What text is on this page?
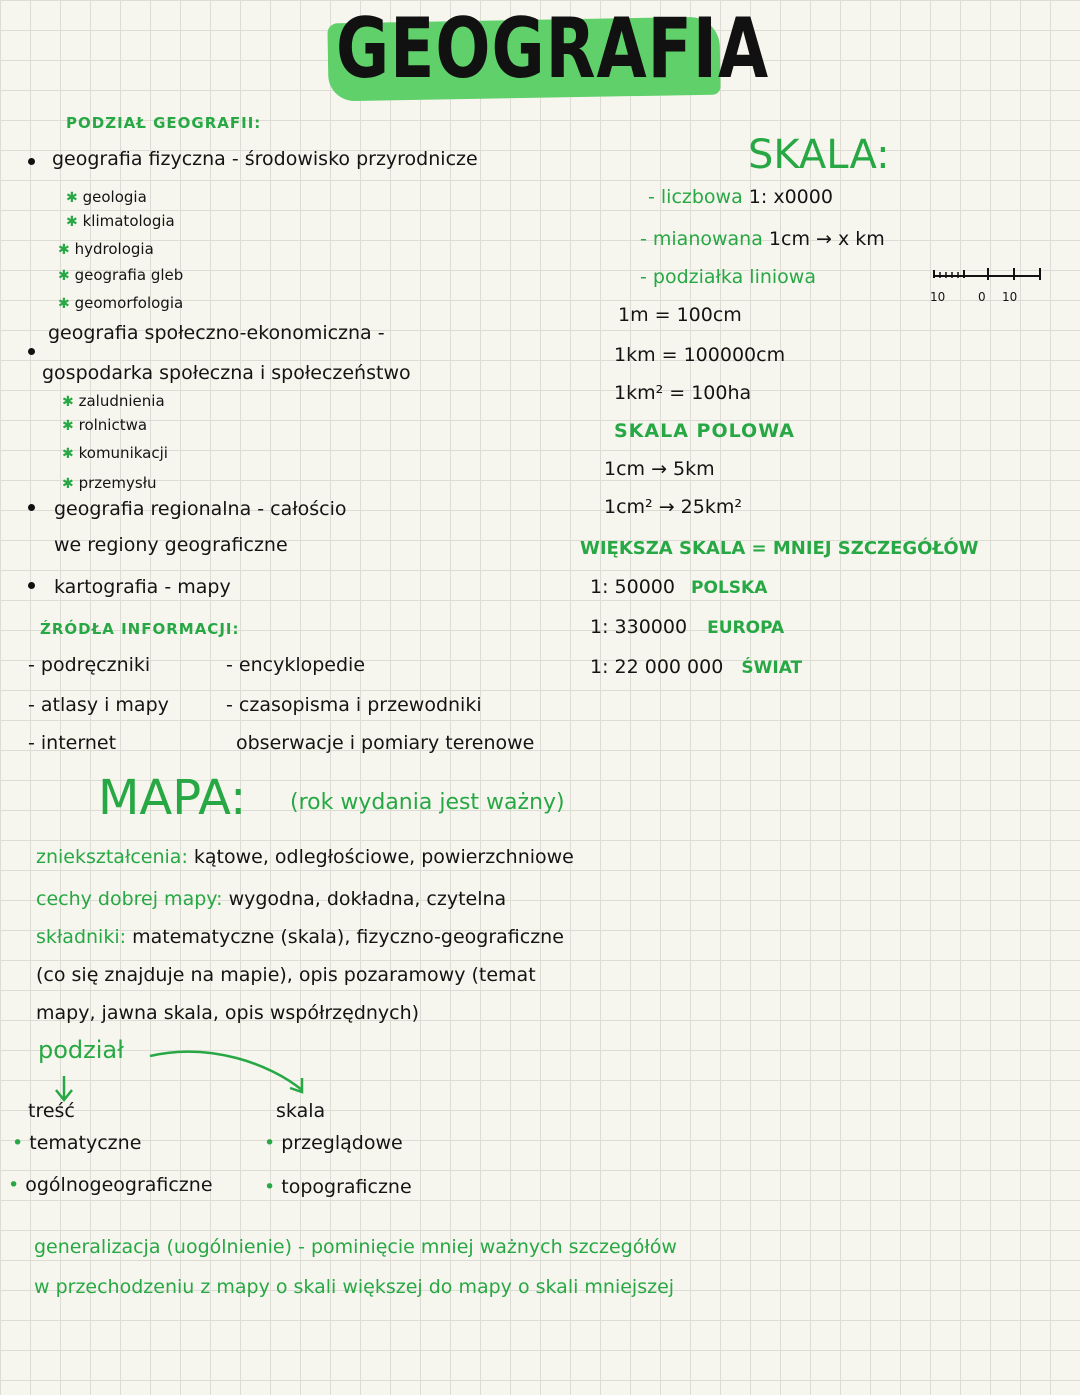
GEOGRAFIA
PODZIAŁ GEOGRAFII:
geografia fizyczna - środowisko przyrodnicze
✱ geologia
✱ klimatologia
✱ hydrologia
✱ geografia gleb
✱ geomorfologia
geografia społeczno-ekonomiczna -
gospodarka społeczna i społeczeństwo
✱ zaludnienia
✱ rolnictwa
✱ komunikacji
✱ przemysłu
geografia regionalna - całościo
we regiony geograficzne
kartografia - mapy
ŹRÓDŁA INFORMACJI:
- podręczniki
- atlasy i mapy
- internet
- encyklopedie
- czasopisma i przewodniki
obserwacje i pomiary terenowe
SKALA:
- liczbowa 1: x0000
- mianowana 1cm → x km
- podziałka liniowa
10	0 10
1m = 100cm
1km = 100000cm
1km² = 100ha
SKALA POLOWA
1cm → 5km
1cm² → 25km²
WIĘKSZA SKALA = MNIEJ SZCZEGÓŁÓW
1: 50000 POLSKA
1: 330000 EUROPA
1: 22 000 000 ŚWIAT
MAPA: (rok wydania jest ważny)
zniekształcenia: kątowe, odległościowe, powierzchniowe
cechy dobrej mapy: wygodna, dokładna, czytelna
składniki: matematyczne (skala), fizyczno-geograficzne
(co się znajduje na mapie), opis pozaramowy (temat
mapy, jawna skala, opis współrzędnych)
podział
treść
• tematyczne
• ogólnogeograficzne
skala
• przeglądowe
• topograficzne
generalizacja (uogólnienie) - pominięcie mniej ważnych szczegółów
w przechodzeniu z mapy o skali większej do mapy o skali mniejszej
